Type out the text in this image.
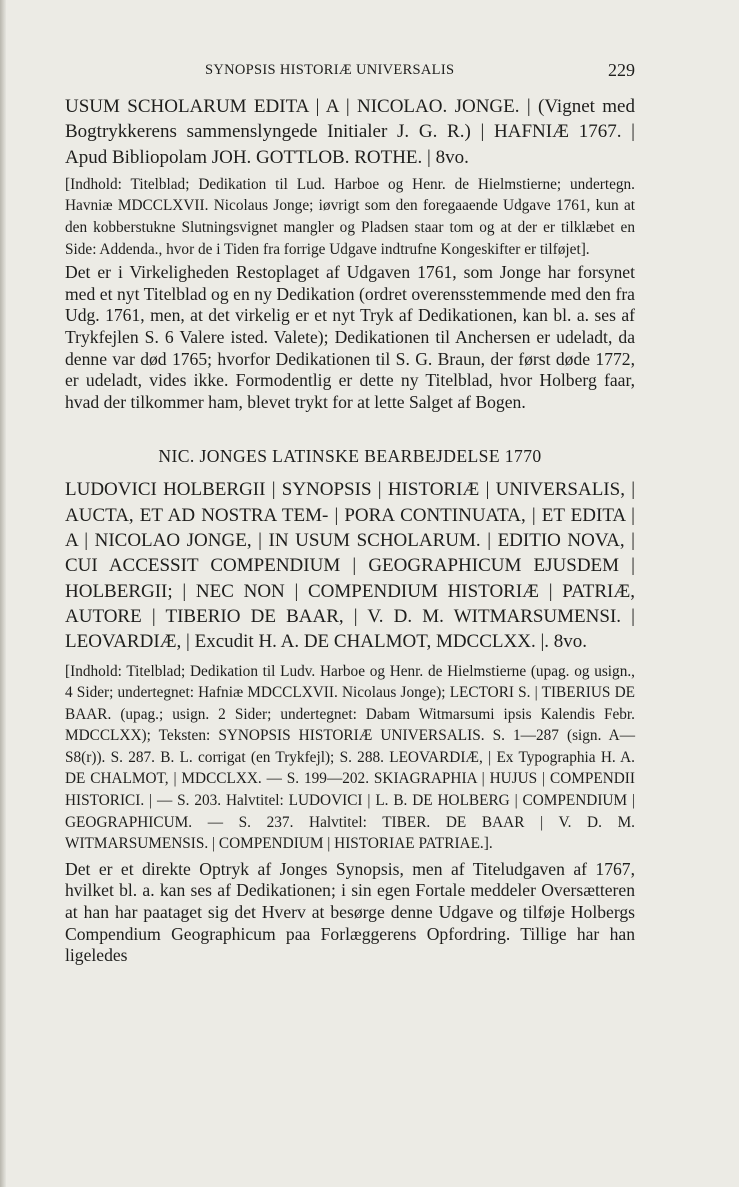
SYNOPSIS HISTORIÆ UNIVERSALIS	229

USUM SCHOLARUM EDITA | A | NICOLAO. JONGE. | (Vignet med Bogtrykkerens sammenslyngede Initialer J. G. R.) | HAFNIÆ 1767. | Apud Bibliopolam JOH. GOTTLOB. ROTHE. | 8vo.

[Indhold: Titelblad; Dedikation til Lud. Harboe og Henr. de Hielmstierne; undertegn. Havniæ MDCCLXVII. Nicolaus Jonge; iøvrigt som den foregaaende Udgave 1761, kun at den kobberstukne Slutningsvignet mangler og Pladsen staar tom og at der er tilklæbet en Side: Addenda., hvor de i Tiden fra forrige Udgave indtrufne Kongeskifter er tilføjet].

Det er i Virkeligheden Restoplaget af Udgaven 1761, som Jonge har forsynet med et nyt Titelblad og en ny Dedikation (ordret overensstemmende med den fra Udg. 1761, men, at det virkelig er et nyt Tryk af Dedikationen, kan bl. a. ses af Trykfejlen S. 6 Valere isted. Valete); Dedikationen til Anchersen er udeladt, da denne var død 1765; hvorfor Dedikationen til S. G. Braun, der først døde 1772, er udeladt, vides ikke. Formodentlig er dette ny Titelblad, hvor Holberg faar, hvad der tilkommer ham, blevet trykt for at lette Salget af Bogen.

NIC. JONGES LATINSKE BEARBEJDELSE 1770

LUDOVICI HOLBERGII | SYNOPSIS | HISTORIÆ | UNIVERSALIS, | AUCTA, ET AD NOSTRA TEM- | PORA CONTINUATA, | ET EDITA | A | NICOLAO JONGE, | IN USUM SCHOLARUM. | EDITIO NOVA, | CUI ACCESSIT COMPENDIUM | GEOGRAPHICUM EJUSDEM | HOLBERGII; | NEC NON | COMPENDIUM HISTORIÆ | PATRIÆ, AUTORE | TIBERIO DE BAAR, | V. D. M. WITMARSUMENSI. | LEOVARDIÆ, | Excudit H. A. DE CHALMOT, MDCCLXX. |. 8vo.

[Indhold: Titelblad; Dedikation til Ludv. Harboe og Henr. de Hielmstierne (upag. og usign., 4 Sider; undertegnet: Hafniæ MDCCLXVII. Nicolaus Jonge); LECTORI S. | TIBERIUS DE BAAR. (upag.; usign. 2 Sider; undertegnet: Dabam Witmarsumi ipsis Kalendis Febr. MDCCLXX); Teksten: SYNOPSIS HISTORIÆ UNIVERSALIS. S. 1—287 (sign. A—S8(r)). S. 287. B. L. corrigat (en Trykfejl); S. 288. LEOVARDIÆ, | Ex Typographia H. A. DE CHALMOT, | MDCCLXX. — S. 199—202. SKIAGRAPHIA | HUJUS | COMPENDII HISTORICI. | — S. 203. Halvtitel: LUDOVICI | L. B. DE HOLBERG | COMPENDIUM | GEOGRAPHICUM. — S. 237. Halvtitel: TIBER. DE BAAR | V. D. M. WITMARSUMENSIS. | COMPENDIUM | HISTORIAE PATRIAE.].

Det er et direkte Optryk af Jonges Synopsis, men af Titeludgaven af 1767, hvilket bl. a. kan ses af Dedikationen; i sin egen Fortale meddeler Oversætteren at han har paataget sig det Hverv at besørge denne Udgave og tilføje Holbergs Compendium Geographicum paa Forlæggerens Opfordring. Tillige har han ligeledes
